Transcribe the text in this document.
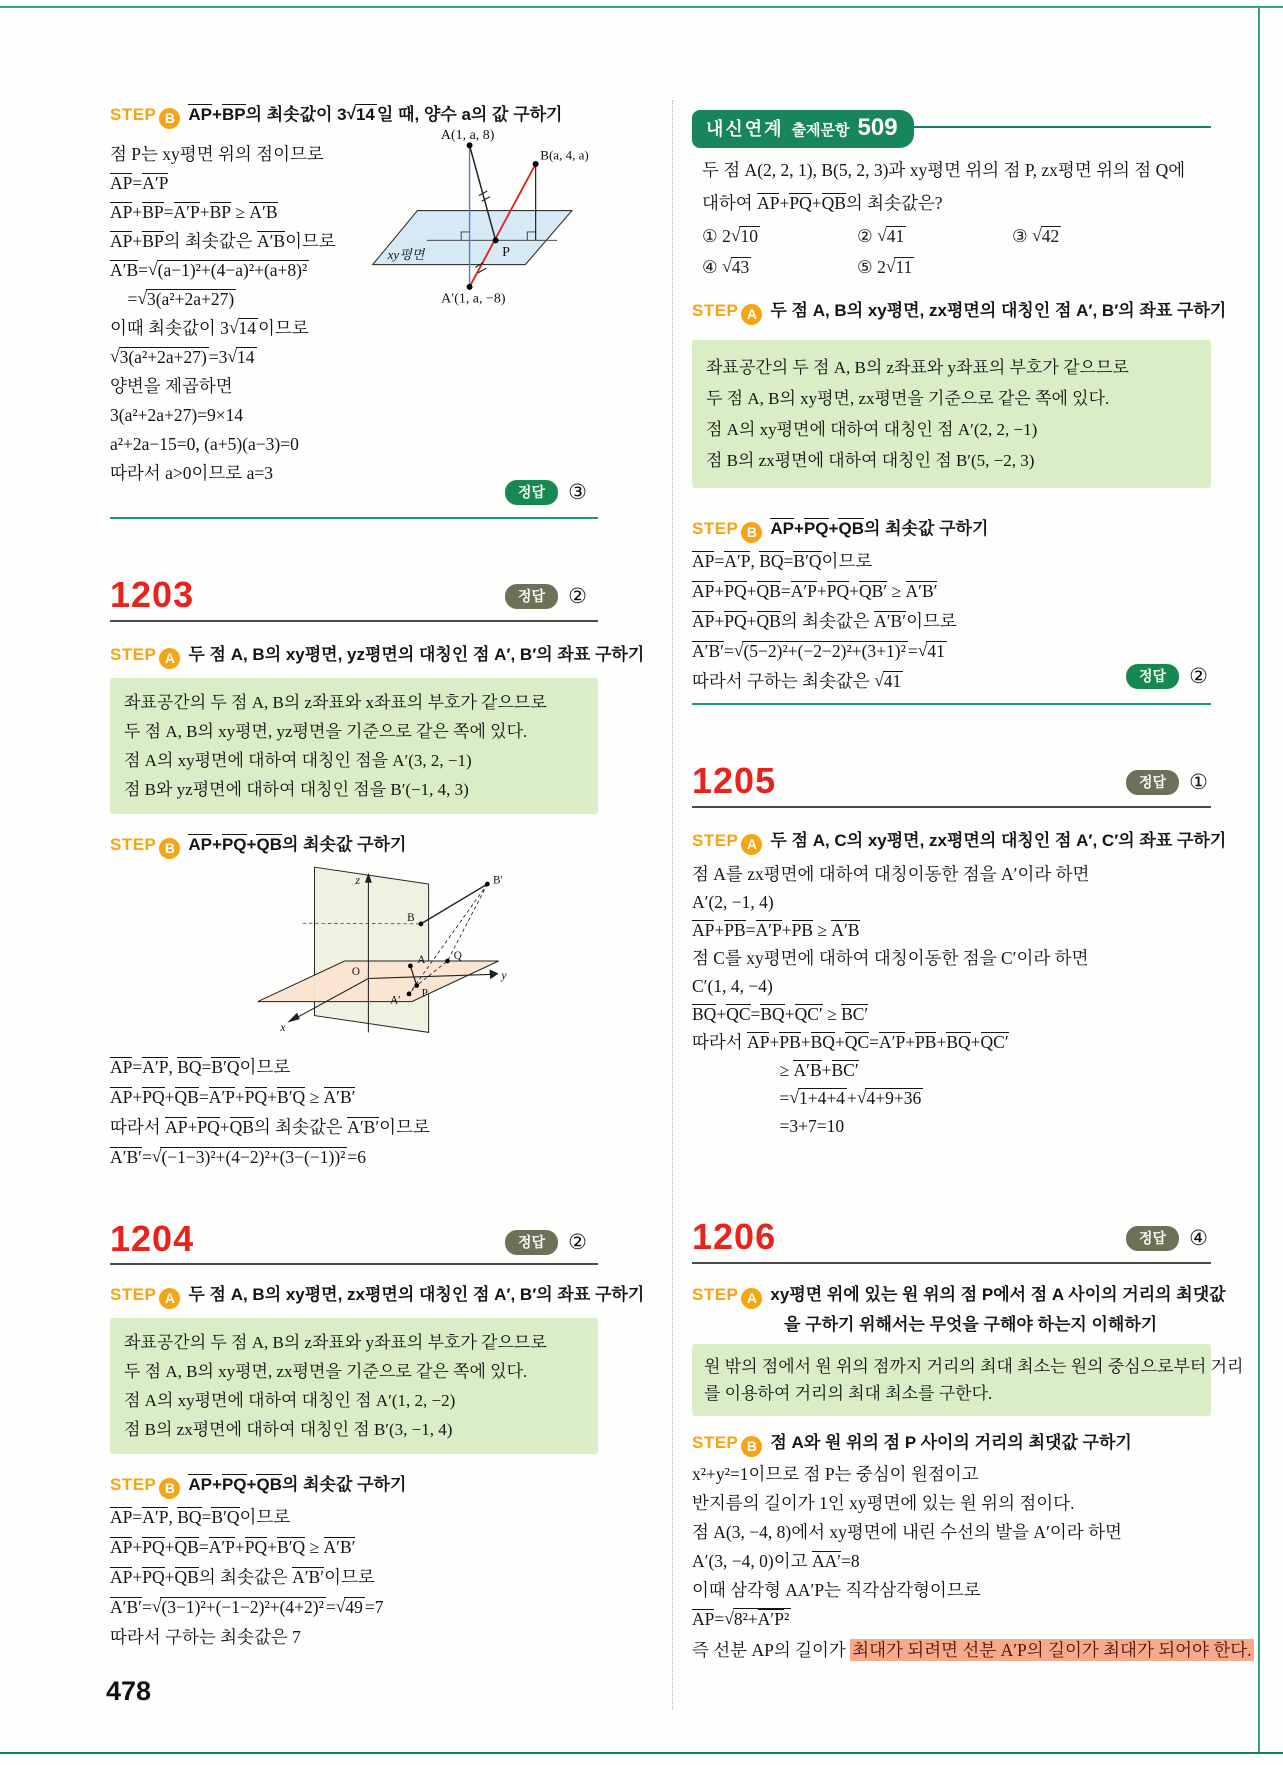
STEP B AP+BP의 최솟값이 3√14 일 때, 양수 a의 값 구하기
점 P는 xy평면 위의 점이므로
AP=A′P
AP+BP=A′P+BP ≥ A′B
AP+BP의 최솟값은 A′B이므로
A′B=√(a−1)²+(4−a)²+(a+8)²
  =√3(a²+2a+27)
이때 최솟값이 3√14 이므로
√3(a²+2a+27) =3√14
양변을 제곱하면
3(a²+2a+27)=9×14
a²+2a−15=0, (a+5)(a−3)=0
따라서 a>0이므로 a=3
정답 ③
A(1, a, 8)
B(a, 4, a)
P
A′(1, a, −8)
xy평면
1203	정답 ②
STEP A 두 점 A, B의 xy평면, yz평면의 대칭인 점 A′, B′의 좌표 구하기
좌표공간의 두 점 A, B의 z좌표와 x좌표의 부호가 같으므로
두 점 A, B의 xy평면, yz평면을 기준으로 같은 쪽에 있다.
점 A의 xy평면에 대하여 대칭인 점을 A′(3, 2, −1)
점 B와 yz평면에 대하여 대칭인 점을 B′(−1, 4, 3)
STEP B AP+PQ+QB의 최솟값 구하기
z
y
x
O
B
B′
A Q
P
A′
AP=A′P, BQ=B′Q이므로
AP+PQ+QB=A′P+PQ+B′Q ≥ A′B′
따라서 AP+PQ+QB의 최솟값은 A′B′이므로
A′B′=√(−1−3)²+(4−2)²+(3−(−1))² =6
1204	정답 ②
STEP A 두 점 A, B의 xy평면, zx평면의 대칭인 점 A′, B′의 좌표 구하기
좌표공간의 두 점 A, B의 z좌표와 y좌표의 부호가 같으므로
두 점 A, B의 xy평면, zx평면을 기준으로 같은 쪽에 있다.
점 A의 xy평면에 대하여 대칭인 점 A′(1, 2, −2)
점 B의 zx평면에 대하여 대칭인 점 B′(3, −1, 4)
STEP B AP+PQ+QB의 최솟값 구하기
AP=A′P, BQ=B′Q이므로
AP+PQ+QB=A′P+PQ+B′Q ≥ A′B′
AP+PQ+QB의 최솟값은 A′B′이므로
A′B′=√(3−1)²+(−1−2)²+(4+2)² =√49 =7
따라서 구하는 최솟값은 7
478
내신연계 출제문항 509
두 점 A(2, 2, 1), B(5, 2, 3)과 xy평면 위의 점 P, zx평면 위의 점 Q에
대하여 AP+PQ+QB의 최솟값은?
① 2√10	② √41	③ √42
④ √43	⑤ 2√11
STEP A 두 점 A, B의 xy평면, zx평면의 대칭인 점 A′, B′의 좌표 구하기
좌표공간의 두 점 A, B의 z좌표와 y좌표의 부호가 같으므로
두 점 A, B의 xy평면, zx평면을 기준으로 같은 쪽에 있다.
점 A의 xy평면에 대하여 대칭인 점 A′(2, 2, −1)
점 B의 zx평면에 대하여 대칭인 점 B′(5, −2, 3)
STEP B AP+PQ+QB의 최솟값 구하기
AP=A′P, BQ=B′Q이므로
AP+PQ+QB=A′P+PQ+QB′ ≥ A′B′
AP+PQ+QB의 최솟값은 A′B′이므로
A′B′=√(5−2)²+(−2−2)²+(3+1)² =√41
따라서 구하는 최솟값은 √41	정답 ②
1205	정답 ①
STEP A 두 점 A, C의 xy평면, zx평면의 대칭인 점 A′, C′의 좌표 구하기
점 A를 zx평면에 대하여 대칭이동한 점을 A′이라 하면
A′(2, −1, 4)
AP+PB=A′P+PB ≥ A′B
점 C를 xy평면에 대하여 대칭이동한 점을 C′이라 하면
C′(1, 4, −4)
BQ+QC=BQ+QC′ ≥ BC′
따라서 AP+PB+BQ+QC=A′P+PB+BQ+QC′
          ≥ A′B+BC′
          =√1+4+4 +√4+9+36
          =3+7=10
1206	정답 ④
STEP A xy평면 위에 있는 원 위의 점 P에서 점 A 사이의 거리의 최댓값
을 구하기 위해서는 무엇을 구해야 하는지 이해하기
원 밖의 점에서 원 위의 점까지 거리의 최대 최소는 원의 중심으로부터 거리
를 이용하여 거리의 최대 최소를 구한다.
STEP B 점 A와 원 위의 점 P 사이의 거리의 최댓값 구하기
x²+y²=1이므로 점 P는 중심이 원점이고
반지름의 길이가 1인 xy평면에 있는 원 위의 점이다.
점 A(3, −4, 8)에서 xy평면에 내린 수선의 발을 A′이라 하면
A′(3, −4, 0)이고 AA′=8
이때 삼각형 AA′P는 직각삼각형이므로
AP=√8²+A′P²
즉 선분 AP의 길이가 최대가 되려면 선분 A′P의 길이가 최대가 되어야 한다.
